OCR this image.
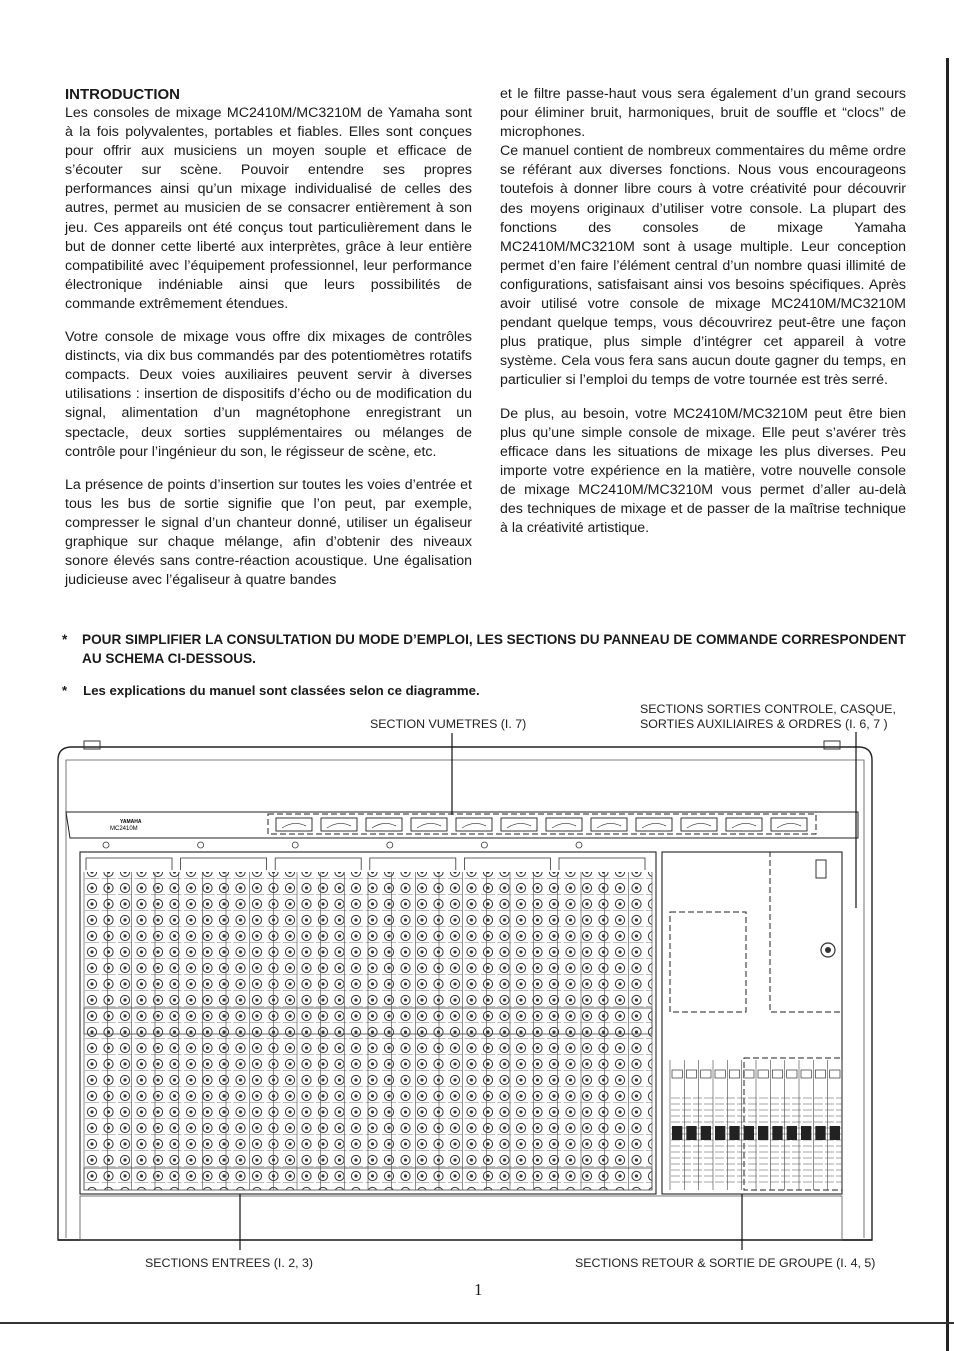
INTRODUCTION

Les consoles de mixage MC2410M/MC3210M de Yamaha sont à la fois polyvalentes, portables et fiables. Elles sont conçues pour offrir aux musiciens un moyen souple et efficace de s’écouter sur scène. Pouvoir entendre ses propres performances ainsi qu’un mixage individualisé de celles des autres, permet au musicien de se consacrer entièrement à son jeu. Ces appareils ont été conçus tout particulièrement dans le but de donner cette liberté aux interprètes, grâce à leur entière compatibilité avec l’équipement professionnel, leur performance électronique indéniable ainsi que leurs possibilités de commande extrêmement étendues.

Votre console de mixage vous offre dix mixages de contrôles distincts, via dix bus commandés par des potentiomètres rotatifs compacts. Deux voies auxiliaires peuvent servir à diverses utilisations : insertion de dispositifs d’écho ou de modification du signal, alimentation d’un magnétophone enregistrant un spectacle, deux sorties supplémentaires ou mélanges de contrôle pour l’ingénieur du son, le régisseur de scène, etc.

La présence de points d’insertion sur toutes les voies d’entrée et tous les bus de sortie signifie que l’on peut, par exemple, compresser le signal d’un chanteur donné, utiliser un égaliseur graphique sur chaque mélange, afin d’obtenir des niveaux sonore élevés sans contre-réaction acoustique. Une égalisation judicieuse avec l’égaliseur à quatre bandes

et le filtre passe-haut vous sera également d’un grand secours pour éliminer bruit, harmoniques, bruit de souffle et “clocs” de microphones.

Ce manuel contient de nombreux commentaires du même ordre se référant aux diverses fonctions. Nous vous encourageons toutefois à donner libre cours à votre créativité pour découvrir des moyens originaux d’utiliser votre console. La plupart des fonctions des consoles de mixage Yamaha MC2410M/MC3210M sont à usage multiple. Leur conception permet d’en faire l’élément central d’un nombre quasi illimité de configurations, satisfaisant ainsi vos besoins spécifiques. Après avoir utilisé votre console de mixage MC2410M/MC3210M pendant quelque temps, vous découvrirez peut-être une façon plus pratique, plus simple d’intégrer cet appareil à votre système. Cela vous fera sans aucun doute gagner du temps, en particulier si l’emploi du temps de votre tournée est très serré.

De plus, au besoin, votre MC2410M/MC3210M peut être bien plus qu’une simple console de mixage. Elle peut s’avérer très efficace dans les situations de mixage les plus diverses. Peu importe votre expérience en la matière, votre nouvelle console de mixage MC2410M/MC3210M vous permet d’aller au-delà des techniques de mixage et de passer de la maîtrise technique à la créativité artistique.

*	POUR SIMPLIFIER LA CONSULTATION DU MODE D’EMPLOI, LES SECTIONS DU PANNEAU DE COMMANDE CORRESPONDENT AU SCHEMA CI-DESSOUS.
* Les explications du manuel sont classées selon ce diagramme.
SECTION VUMETRES (I. 7)
SECTIONS SORTIES CONTROLE, CASQUE, SORTIES AUXILIAIRES & ORDRES (I. 6, 7 )
SECTIONS ENTREES (I. 2, 3)	SECTIONS RETOUR & SORTIE DE GROUPE (I. 4, 5)
YAMAHA
MC2410M
1
